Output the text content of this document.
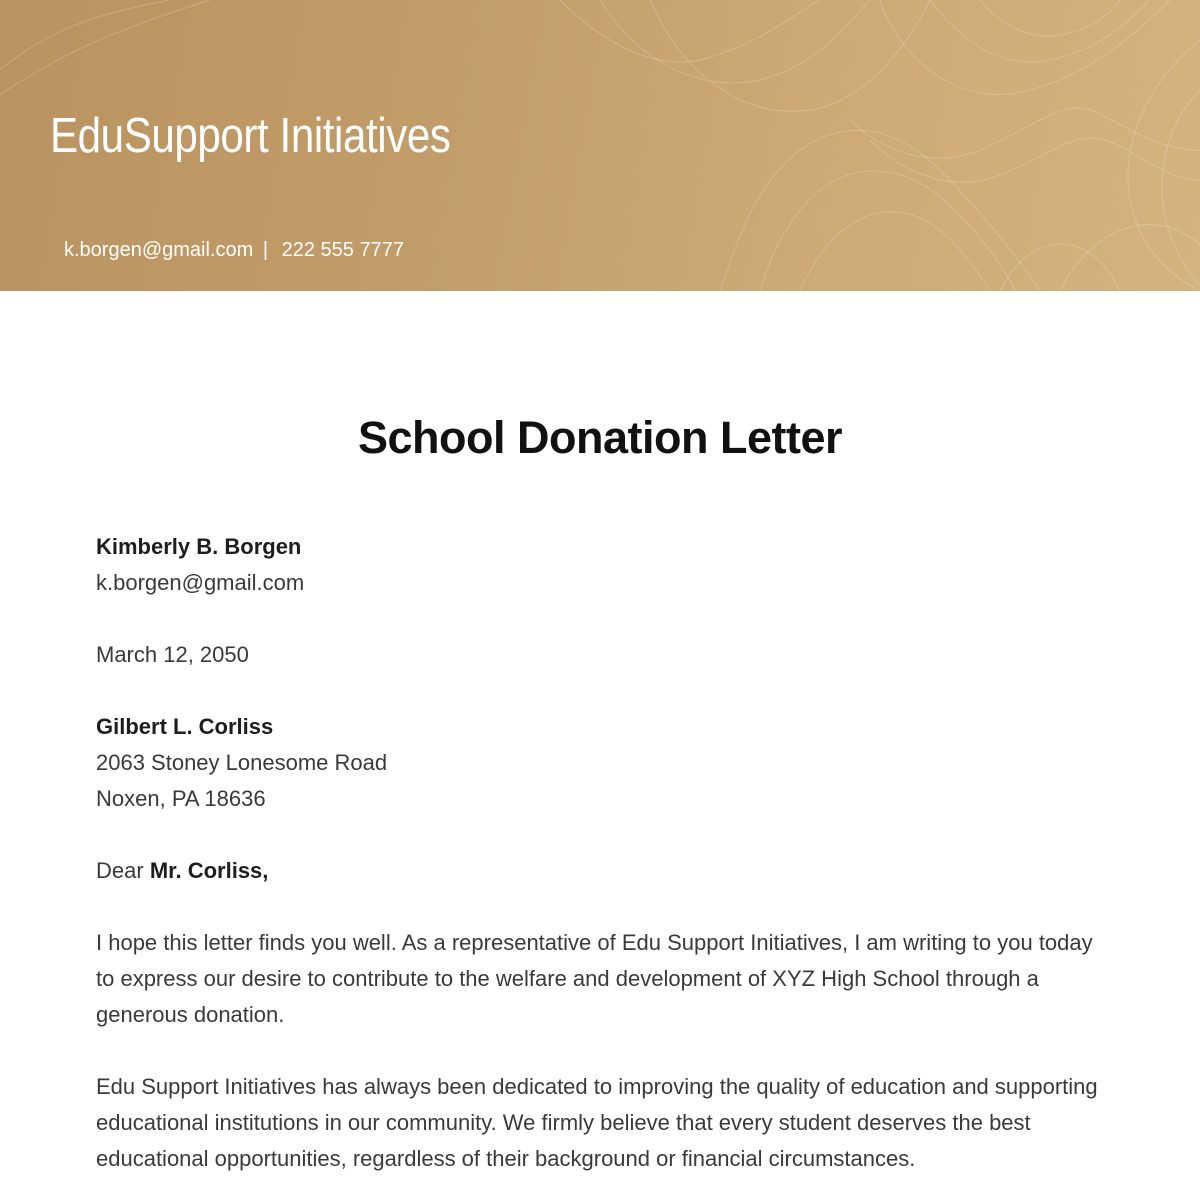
EduSupport Initiatives
k.borgen@gmail.com | 222 555 7777
School Donation Letter

Kimberly B. Borgen
k.borgen@gmail.com

March 12, 2050

Gilbert L. Corliss
2063 Stoney Lonesome Road
Noxen, PA 18636

Dear Mr. Corliss,

I hope this letter finds you well. As a representative of Edu Support Initiatives, I am writing to you today to express our desire to contribute to the welfare and development of XYZ High School through a generous donation.

Edu Support Initiatives has always been dedicated to improving the quality of education and supporting educational institutions in our community. We firmly believe that every student deserves the best educational opportunities, regardless of their background or financial circumstances.
